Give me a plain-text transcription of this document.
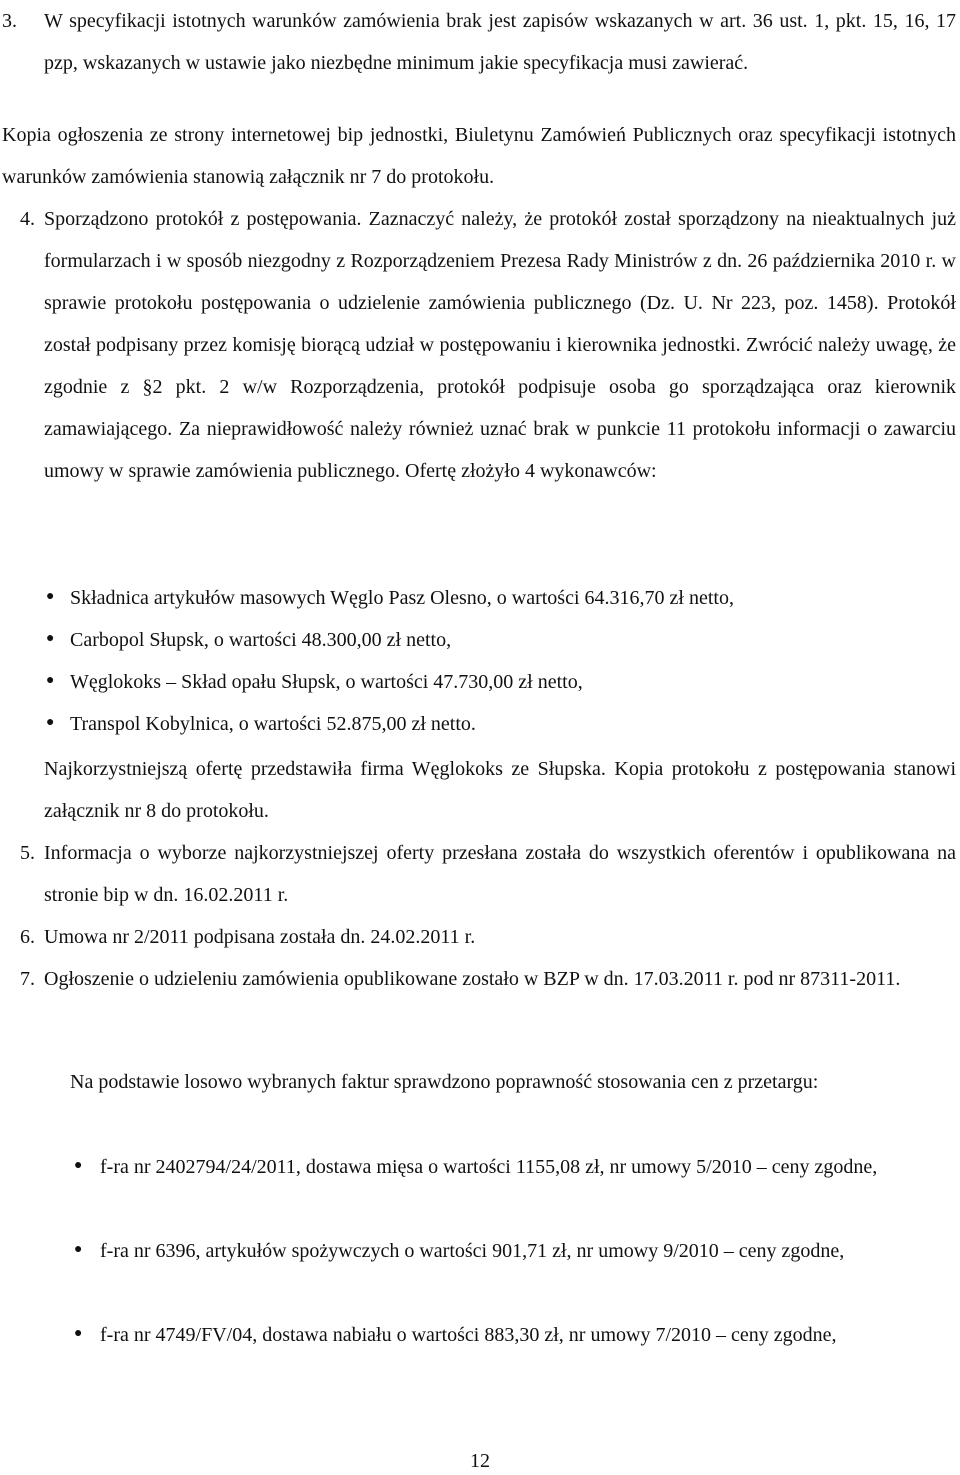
3.	W specyfikacji istotnych warunków zamówienia brak jest zapisów wskazanych w art. 36 ust. 1, pkt. 15, 16, 17 pzp, wskazanych w ustawie jako niezbędne minimum jakie specyfikacja musi zawierać.

Kopia ogłoszenia ze strony internetowej bip jednostki, Biuletynu Zamówień Publicznych oraz specyfikacji istotnych warunków zamówienia stanowią załącznik nr 7 do protokołu.

4. Sporządzono protokół z postępowania. Zaznaczyć należy, że protokół został sporządzony na nieaktualnych już formularzach i w sposób niezgodny z Rozporządzeniem Prezesa Rady Ministrów z dn. 26 października 2010 r. w sprawie protokołu postępowania o udzielenie zamówienia publicznego (Dz. U. Nr 223, poz. 1458). Protokół został podpisany przez komisję biorącą udział w postępowaniu i kierownika jednostki. Zwrócić należy uwagę, że zgodnie z §2 pkt. 2 w/w Rozporządzenia, protokół podpisuje osoba go sporządzająca oraz kierownik zamawiającego. Za nieprawidłowość należy również uznać brak w punkcie 11 protokołu informacji o zawarciu umowy w sprawie zamówienia publicznego. Ofertę złożyło 4 wykonawców:

● Składnica artykułów masowych Węglo Pasz Olesno, o wartości 64.316,70 zł netto,

● Carbopol Słupsk, o wartości 48.300,00 zł netto,

● Węglokoks – Skład opału Słupsk, o wartości 47.730,00 zł netto,

● Transpol Kobylnica, o wartości 52.875,00 zł netto.

Najkorzystniejszą ofertę przedstawiła firma Węglokoks ze Słupska. Kopia protokołu z postępowania stanowi załącznik nr 8 do protokołu.

5. Informacja o wyborze najkorzystniejszej oferty przesłana została do wszystkich oferentów i opublikowana na stronie bip w dn. 16.02.2011 r.

6. Umowa nr 2/2011 podpisana została dn. 24.02.2011 r.

7. Ogłoszenie o udzieleniu zamówienia opublikowane zostało w BZP w dn. 17.03.2011 r. pod nr 87311-2011.

Na podstawie losowo wybranych faktur sprawdzono poprawność stosowania cen z przetargu:

● f-ra nr 2402794/24/2011, dostawa mięsa o wartości 1155,08 zł, nr umowy 5/2010 – ceny zgodne,

● f-ra nr 6396, artykułów spożywczych o wartości 901,71 zł, nr umowy 9/2010 – ceny zgodne,

● f-ra nr 4749/FV/04, dostawa nabiału o wartości 883,30 zł, nr umowy 7/2010 – ceny zgodne,

12
